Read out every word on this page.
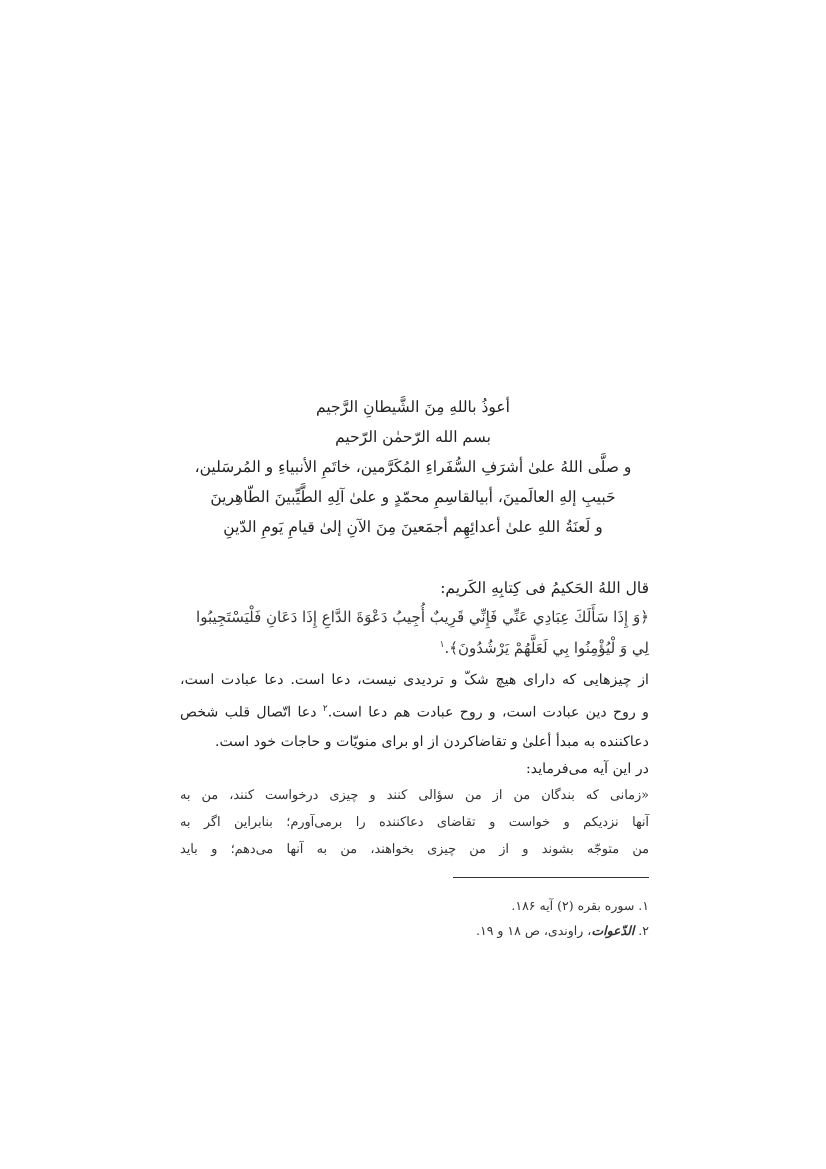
أعوذُ باللهِ مِنَ الشَّيطانِ الرَّجيم
بسم الله الرّحمٰن الرّحيم
و صلَّى اللهُ علىٰ أشرَفِ السُّفَراءِ المُكَرَّمين، خاتَمِ الأنبياءِ و المُرسَلين،
حَبيبِ إلهِ العالَمينَ، أبیالقاسِمِ محمّدٍ و علیٰ آلِهِ الطَّیِّبینَ الطّاهِرینَ
و لَعنَةُ اللهِ علیٰ أعدائِهِم أجمَعینَ مِنَ الآنِ إلیٰ قیامِ یَومِ الدّینِ
قال اللهُ الحَکیمُ فی کِتابِهِ الکَریم:
﴿وَ إِذَا سَأَلَكَ عِبَادِي عَنِّي فَإِنِّي قَرِيبٌ أُجِيبُ دَعْوَةَ الدَّاعِ إِذَا دَعَانِ فَلْيَسْتَجِيبُوا
لِي وَ لْيُؤْمِنُوا بِي لَعَلَّهُمْ يَرْشُدُونَ﴾.$^۱$
از چیزهایی که دارای هیچ شکّ و تردیدی نیست، دعا است. دعا عبادت است،
و روح دین عبادت است، و روح عبادت هم دعا است.$^۲$ دعا اتّصال قلب شخص
دعاکننده به مبدأ أعلیٰ و تقاضاکردن از او برای منویّات و حاجات خود است.
در این آیه می‌فرماید:
«زمانی که بندگان من از من سؤالی کنند و چیزی درخواست کنند، من به
آنها نزدیکم و خواست و تقاضای دعاکننده را برمی‌آورم؛ بنابراین اگر به
من متوجّه بشوند و از من چیزی بخواهند، من به آنها می‌دهم؛ و باید
۱. سوره بقره (۲) آیه ۱۸۶.
۲. الدّعوات، راوندی، ص ۱۸ و ۱۹.
